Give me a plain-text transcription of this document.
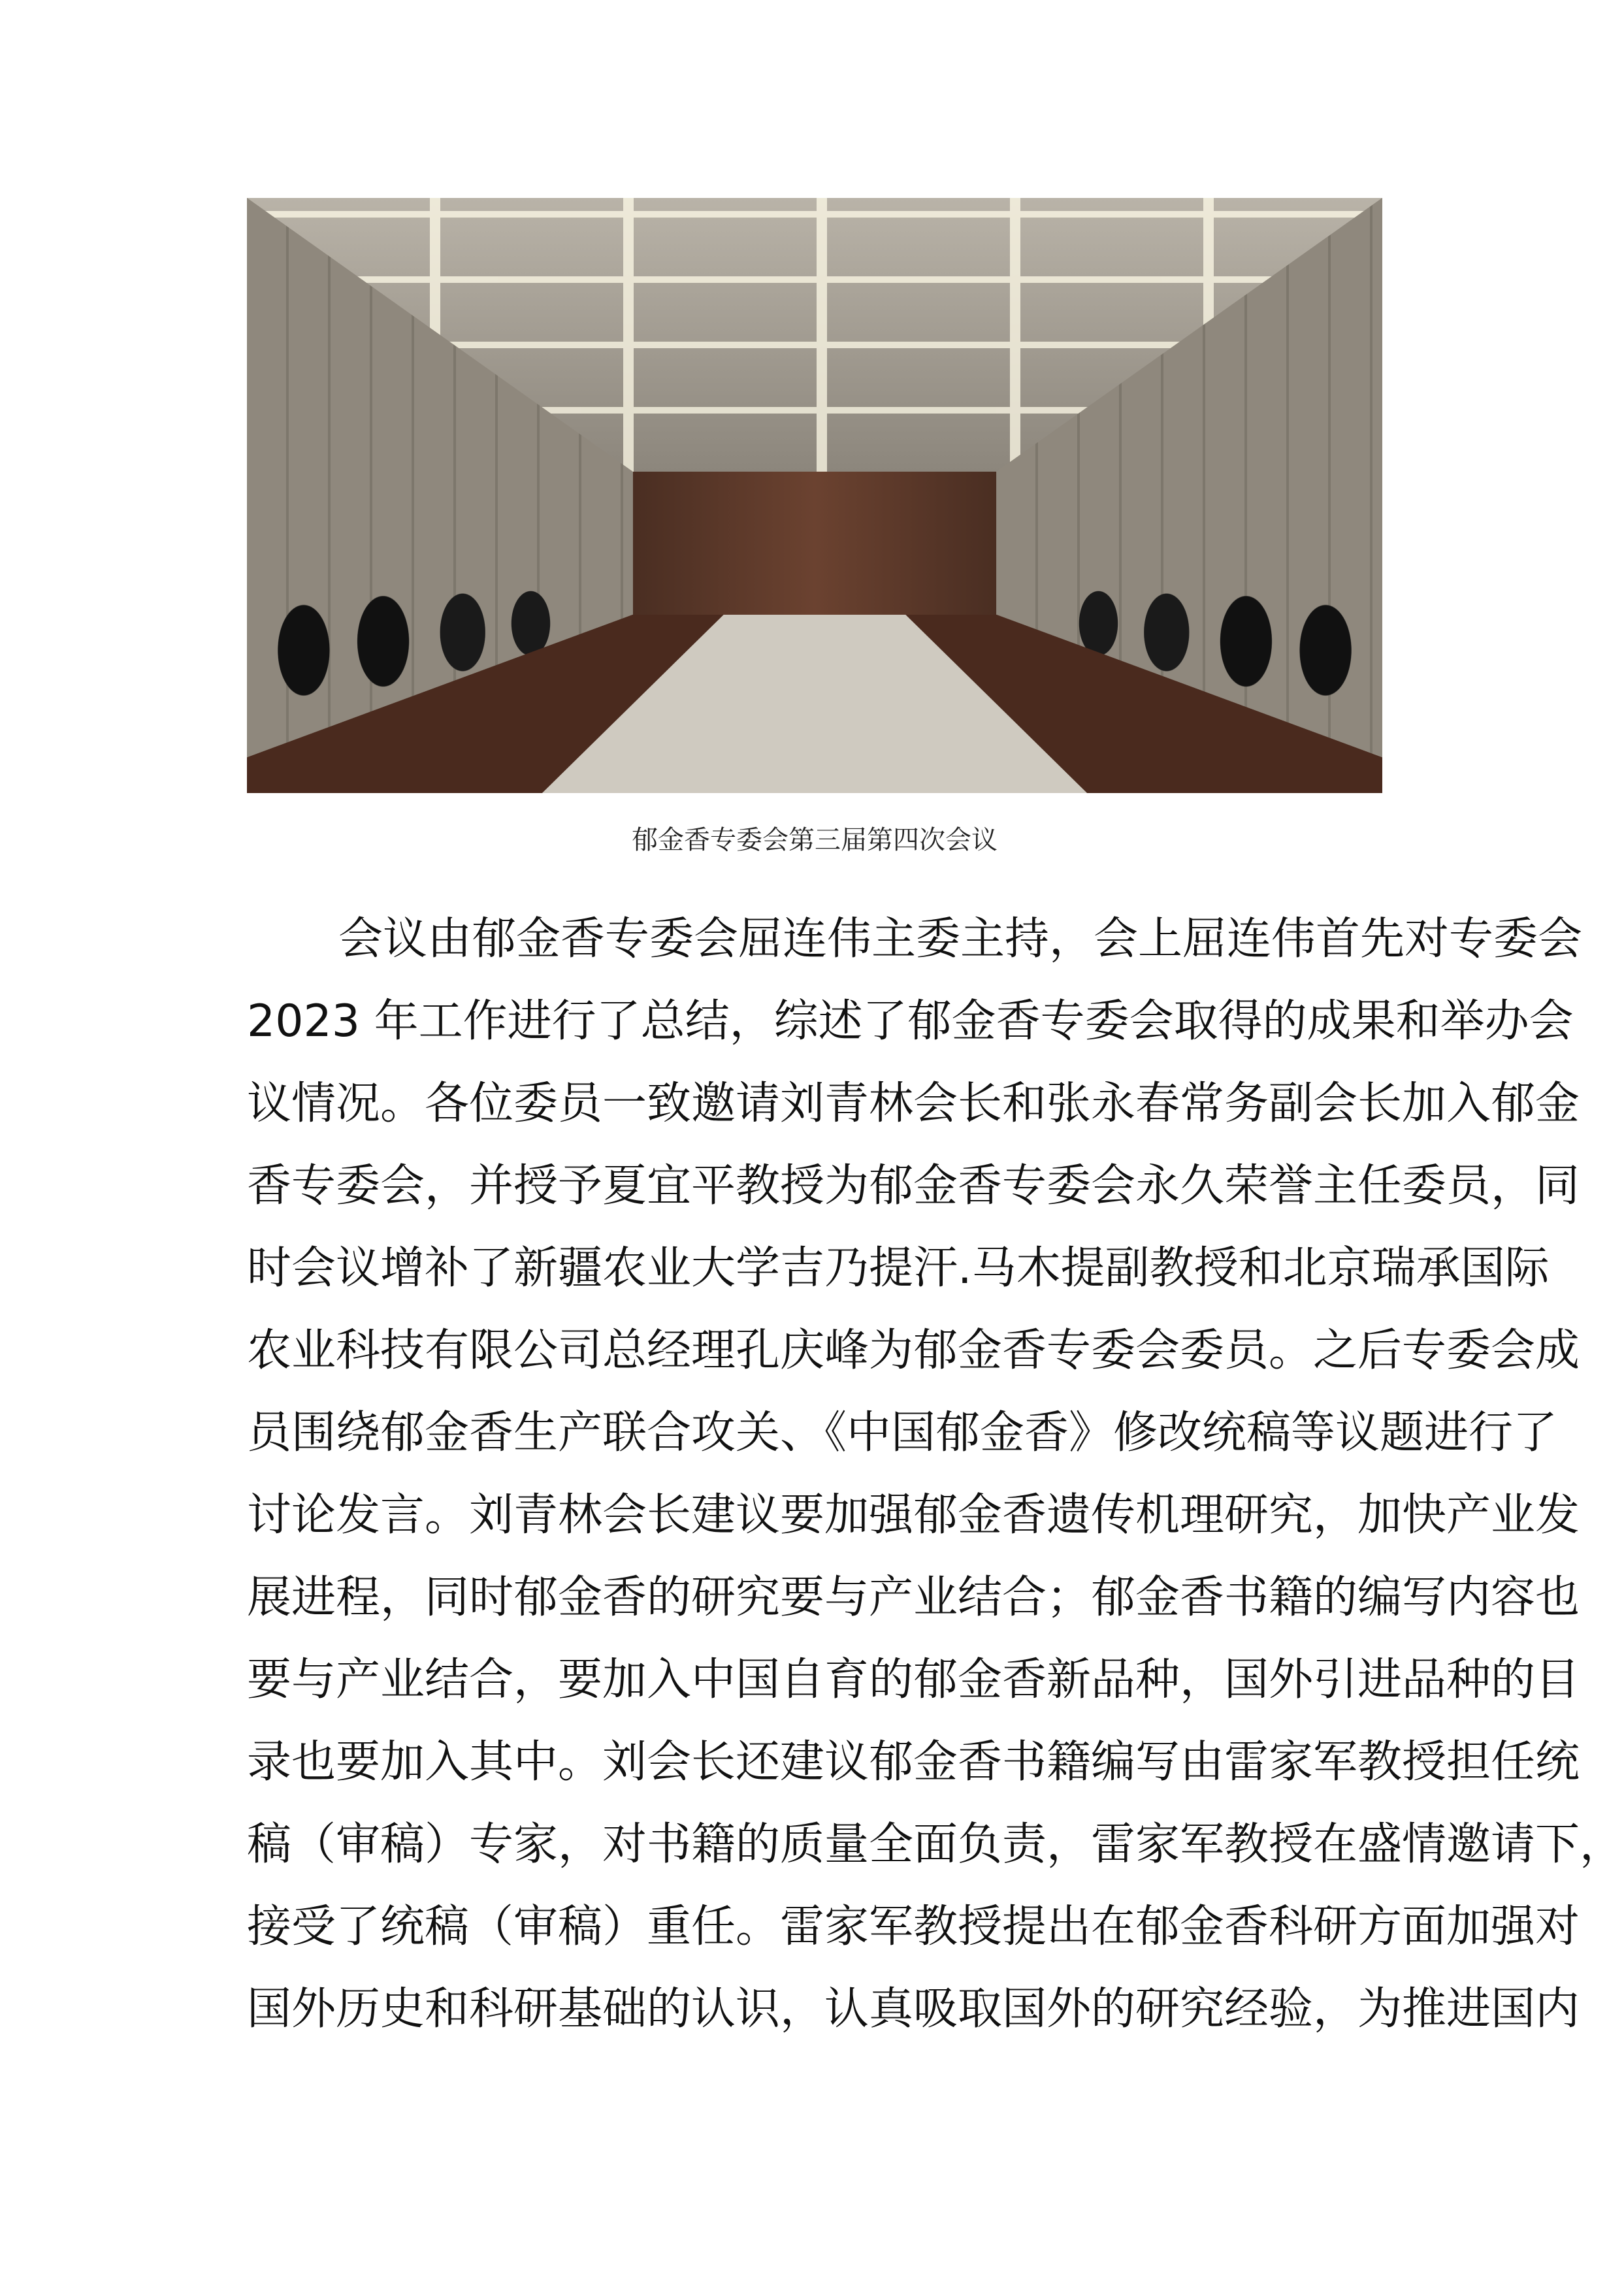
郁金香专委会第三届第四次会议
会议由郁金香专委会屈连伟主委主持，会上屈连伟首先对专委会
2023 年工作进行了总结，综述了郁金香专委会取得的成果和举办会
议情况。各位委员一致邀请刘青林会长和张永春常务副会长加入郁金
香专委会，并授予夏宜平教授为郁金香专委会永久荣誉主任委员，同
时会议增补了新疆农业大学吉乃提汗.马木提副教授和北京瑞承国际
农业科技有限公司总经理孔庆峰为郁金香专委会委员。之后专委会成
员围绕郁金香生产联合攻关、《中国郁金香》修改统稿等议题进行了
讨论发言。刘青林会长建议要加强郁金香遗传机理研究，加快产业发
展进程，同时郁金香的研究要与产业结合；郁金香书籍的编写内容也
要与产业结合，要加入中国自育的郁金香新品种，国外引进品种的目
录也要加入其中。刘会长还建议郁金香书籍编写由雷家军教授担任统
稿（审稿）专家，对书籍的质量全面负责，雷家军教授在盛情邀请下，
接受了统稿（审稿）重任。雷家军教授提出在郁金香科研方面加强对
国外历史和科研基础的认识，认真吸取国外的研究经验，为推进国内
